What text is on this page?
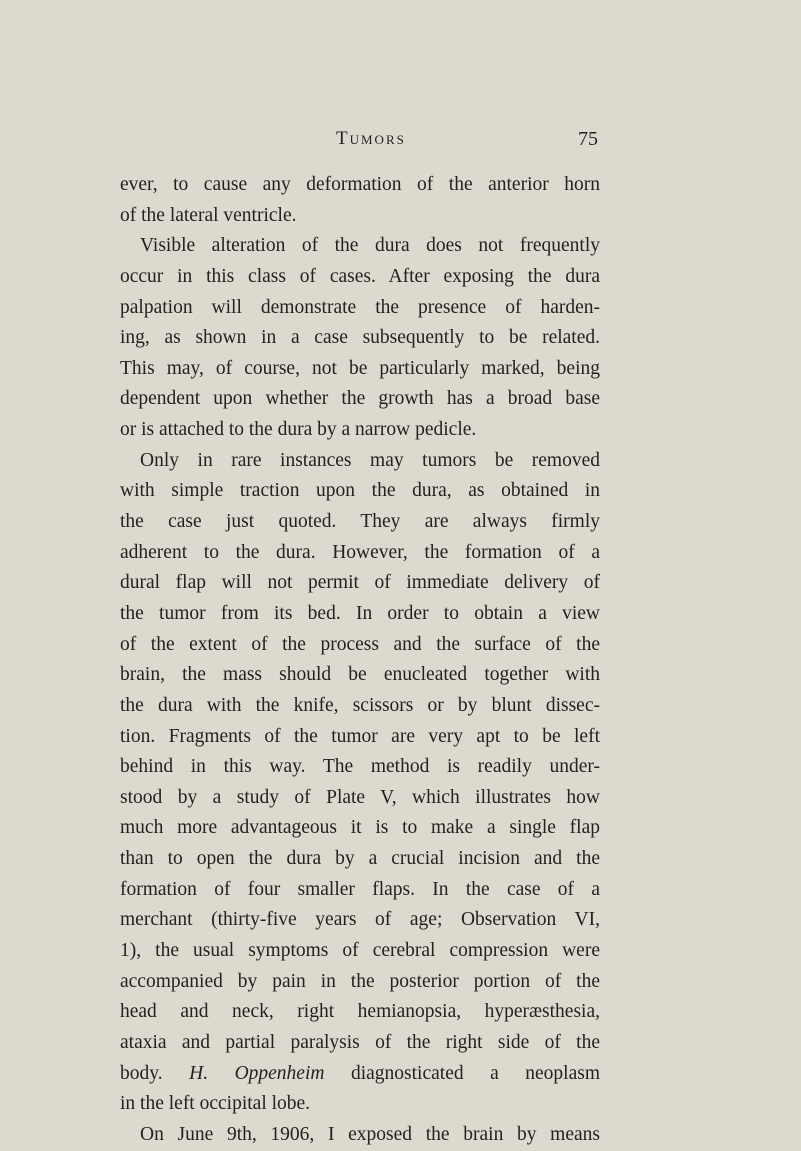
Tumors	75
ever, to cause any deformation of the anterior horn
of the lateral ventricle.
Visible alteration of the dura does not frequently
occur in this class of cases. After exposing the dura
palpation will demonstrate the presence of harden-
ing, as shown in a case subsequently to be related.
This may, of course, not be particularly marked, being
dependent upon whether the growth has a broad base
or is attached to the dura by a narrow pedicle.
Only in rare instances may tumors be removed
with simple traction upon the dura, as obtained in
the case just quoted. They are always firmly
adherent to the dura. However, the formation of a
dural flap will not permit of immediate delivery of
the tumor from its bed. In order to obtain a view
of the extent of the process and the surface of the
brain, the mass should be enucleated together with
the dura with the knife, scissors or by blunt dissec-
tion. Fragments of the tumor are very apt to be left
behind in this way. The method is readily under-
stood by a study of Plate V, which illustrates how
much more advantageous it is to make a single flap
than to open the dura by a crucial incision and the
formation of four smaller flaps. In the case of a
merchant (thirty-five years of age; Observation VI,
1), the usual symptoms of cerebral compression were
accompanied by pain in the posterior portion of the
head and neck, right hemianopsia, hyperæsthesia,
ataxia and partial paralysis of the right side of the
body. H. Oppenheim diagnosticated a neoplasm
in the left occipital lobe.
On June 9th, 1906, I exposed the brain by means
